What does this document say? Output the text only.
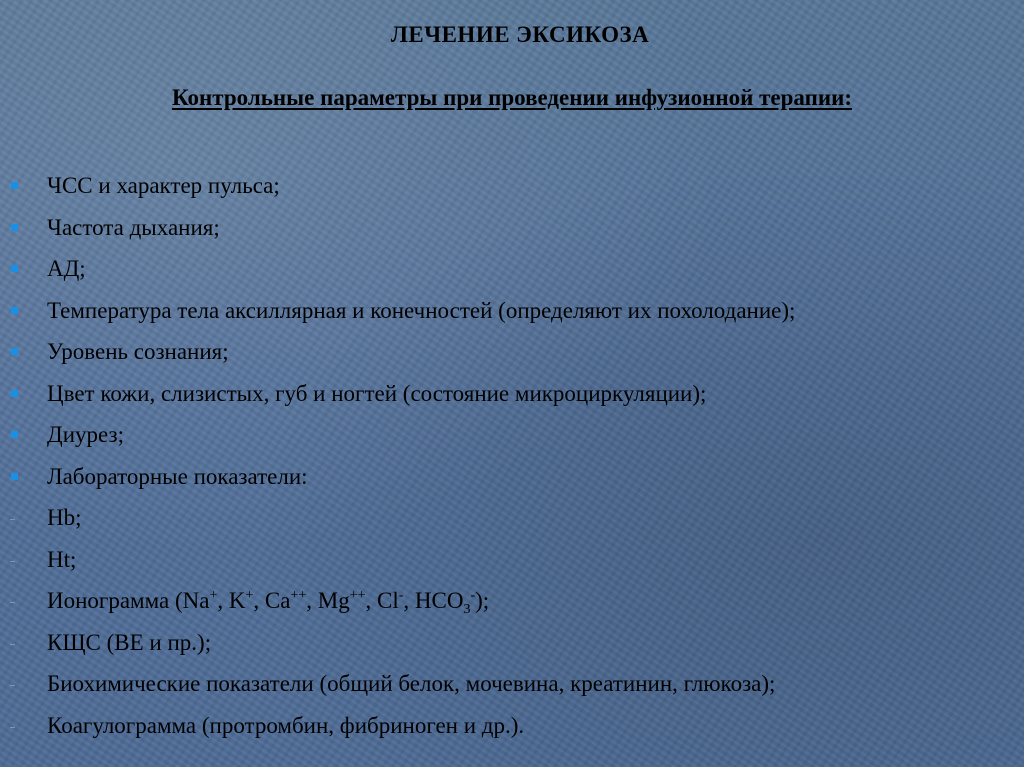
ЛЕЧЕНИЕ ЭКСИКОЗА
Контрольные параметры при проведении инфузионной терапии:
ЧСС и характер пульса;
Частота дыхания;
АД;
Температура тела аксиллярная и конечностей (определяют их похолодание);
Уровень сознания;
Цвет кожи, слизистых, губ и ногтей (состояние микроциркуляции);
Диурез;
Лабораторные показатели:
Hb;
Ht;
Ионограмма (Na+, K+, Ca++, Mg++, Cl-, $HCO_3^-$);
КЩС (BE и пр.);
Биохимические показатели (общий белок, мочевина, креатинин, глюкоза);
Коагулограмма (протромбин, фибриноген и др.).
